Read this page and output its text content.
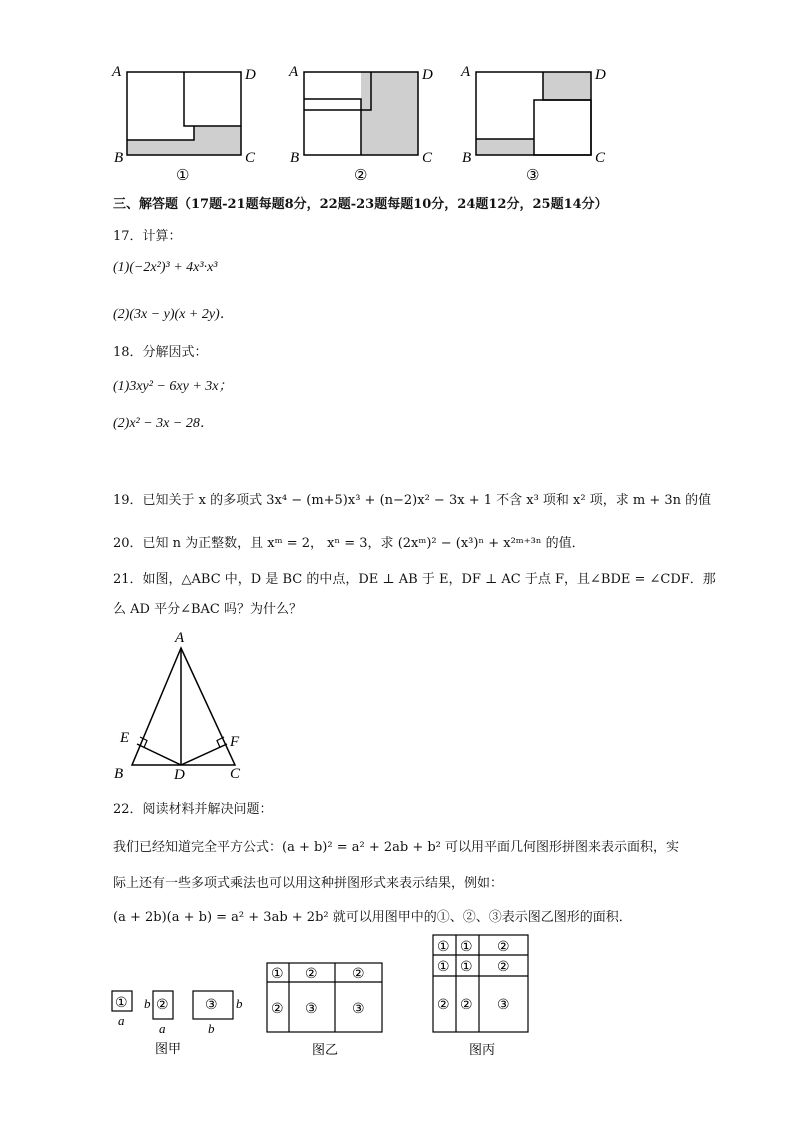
A	D
B	C
①
A	D
B	C
②
A	D
B	C
③
三、解答题（17题-21题每题8分，22题-23题每题10分，24题12分，25题14分）
17．计算：
(1)(−2x²)³ + 4x³·x³
(2)(3x − y)(x + 2y)．
18．分解因式：
(1)3xy² − 6xy + 3x；
(2)x² − 3x − 28．
19．已知关于 x 的多项式 3x⁴ − (m+5)x³ + (n−2)x² − 3x + 1 不含 x³ 项和 x² 项，求 m + 3n 的值
20．已知 n 为正整数，且 xᵐ = 2， xⁿ = 3，求 (2xᵐ)² − (x³)ⁿ + x²ᵐ⁺³ⁿ 的值．
21．如图，△ABC 中，D 是 BC 的中点，DE ⊥ AB 于 E，DF ⊥ AC 于点 F，且∠BDE = ∠CDF．那
么 AD 平分∠BAC 吗？为什么？
A
E	F
B	D	C
22．阅读材料并解决问题：
我们已经知道完全平方公式：(a + b)² = a² + 2ab + b² 可以用平面几何图形拼图来表示面积，实
际上还有一些多项式乘法也可以用这种拼图形式来表示结果，例如：
(a + 2b)(a + b) = a² + 3ab + 2b² 就可以用图甲中的①、②、③表示图乙图形的面积．
①
a
b ②
a
③ b
b
图甲
① ② ②
② ③ ③
图乙
① ① ②
① ① ②
② ② ③
图丙
